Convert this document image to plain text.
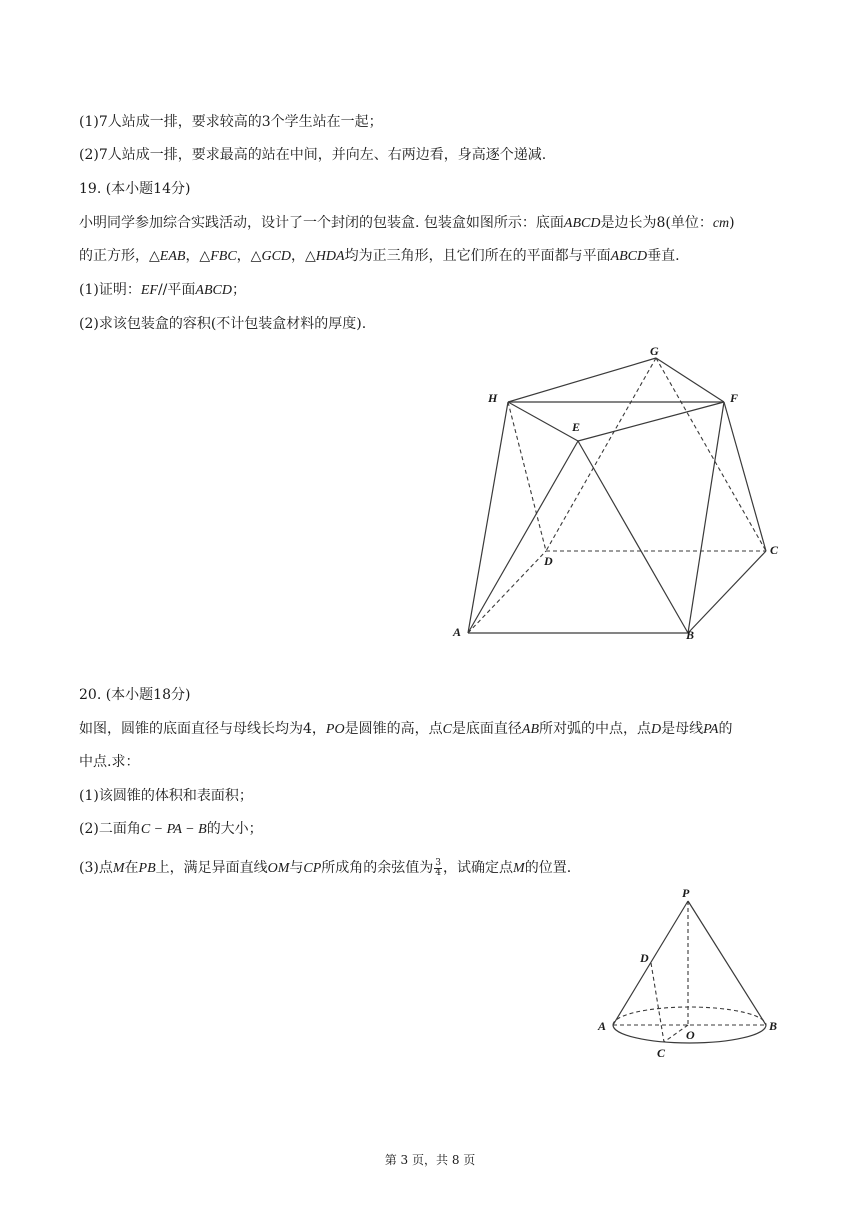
(1)7人站成一排，要求较高的3个学生站在一起；
(2)7人站成一排，要求最高的站在中间，并向左、右两边看，身高逐个递减.
19. (本小题14分)
小明同学参加综合实践活动，设计了一个封闭的包装盒. 包装盒如图所示：底面ABCD是边长为8(单位：cm)
的正方形，△EAB，△FBC，△GCD，△HDA均为正三角形，且它们所在的平面都与平面ABCD垂直.
(1)证明：EF//平面ABCD；
(2)求该包装盒的容积(不计包装盒材料的厚度).
G
H	F
E
D
C
A	B
20. (本小题18分)
如图，圆锥的底面直径与母线长均为4，PO是圆锥的高，点C是底面直径AB所对弧的中点，点D是母线PA的
中点.求：
(1)该圆锥的体积和表面积；
(2)二面角C − PA − B的大小；
(3)点M在PB上，满足异面直线OM与CP所成角的余弦值为 $\frac{3}{4}$ ，试确定点M的位置.
P
D
A
O
B
C
第 3 页，共 8 页
